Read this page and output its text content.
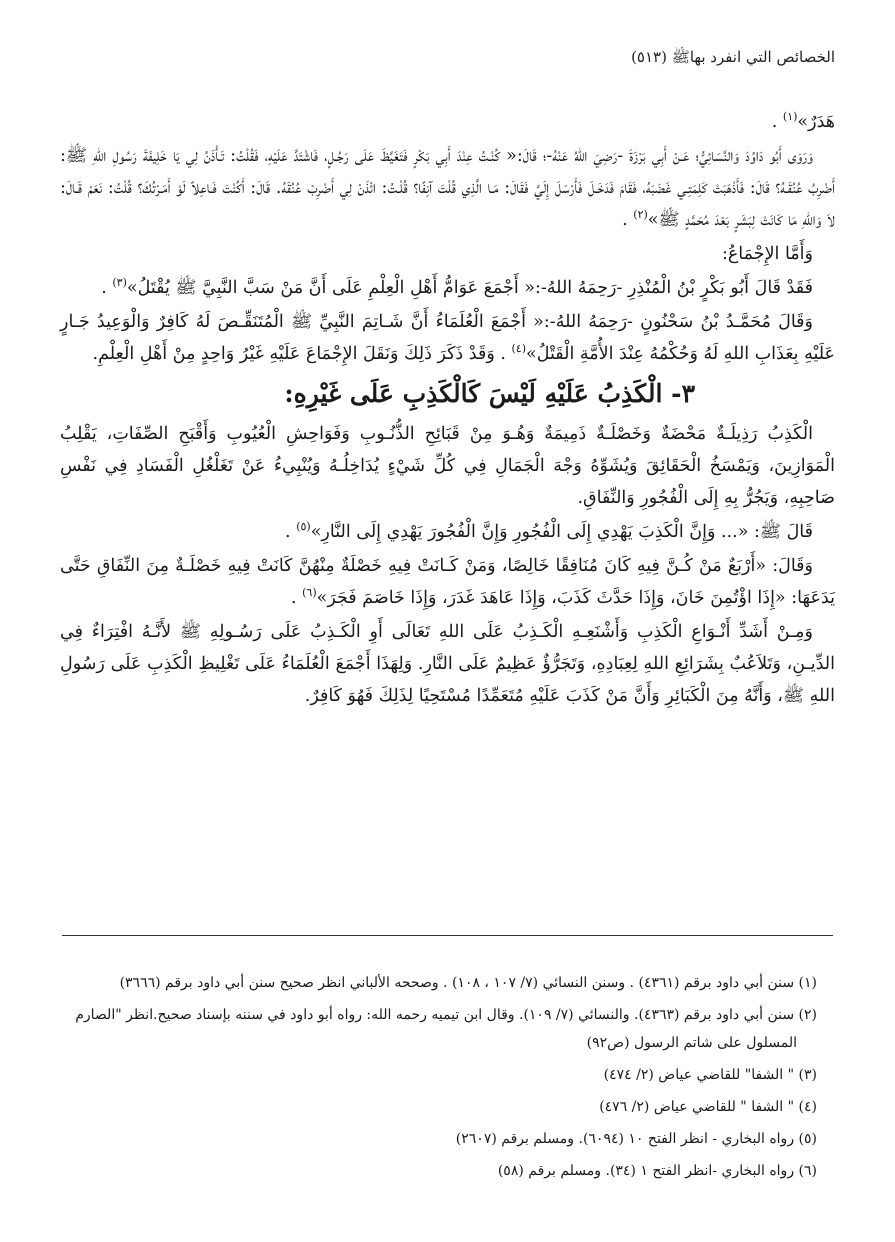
الخصائص التي انفرد بهاﷺ (٥١٣)

هَدَرٌ»$^{(١)}$ .

وَرَوَى أَبُو دَاوُدَ وَالنَّسَائِيُّ؛ عَـنْ أَبِي بَرْزَةَ -رَضِيَ اللهُ عَنْهُ-؛ قَالَ:« كُنْـتُ عِنْدَ أَبِي بَكْرٍ فَتَغَيَّظَ عَلَى رَجُـلٍ، فَاشْتَدَّ عَلَيْهِ، فَقُلْتُ: تَـأْذَنُ لِي يَا خَلِيفَةَ رَسُولِ اللهِ ﷺ: أَضْرِبُ عُنُقَـهُ؟ قَالَ: فَأَذْهَبَتْ كَلِمَتِـي غَضَبَهُ، فَقَامَ فَدَخَـلَ فَأَرْسَلَ إِلَيَّ فَقَالَ: مَـا الَّذِي قُلْتَ آنِفًا؟ قُلْـتُ: ائْذَنْ لِي أَضْرِبْ عُنُقَهُ. قَالَ: أَكُنْتَ فَـاعِلاً لَوْ أَمَـرْتُكَ؟ قُلْتُ: نَعَمْ قَـالَ: لاَ وَاللهِ مَا كَانَتْ لِبَشَرٍ بَعْدَ مُحَمَّدٍ ﷺ»$^{(٢)}$ .

وَأَمَّا الإِجْمَاعُ:

فَقَدْ قَالَ أَبُو بَكْرٍ بْنُ الْمُنْذِرِ -رَحِمَهُ اللهُ-:« أَجْمَعَ عَوَامُّ أَهْلِ الْعِلْمِ عَلَى أَنَّ مَنْ سَبَّ النَّبِيَّ ﷺ يُقْتَلُ»$^{(٣)}$ .

وَقَالَ مُحَمَّـدُ بْنُ سَحْنُونٍ -رَحِمَهُ اللهُ-:« أَجْمَعَ الْعُلَمَاءُ أَنَّ شَـاتِمَ النَّبِيِّ ﷺ الْمُتَنَقِّـصَ لَهُ كَافِرٌ وَالْوَعِيدُ جَـارٍ عَلَيْهِ بِعَذَابِ اللهِ لَهُ وَحُكْمُهُ عِنْدَ الأُمَّةِ الْقَتْلُ»$^{(٤)}$ . وَقَدْ ذَكَرَ ذَلِكَ وَنَقَلَ الإِجْمَاعَ عَلَيْهِ غَيْرُ وَاحِدٍ مِنْ أَهْلِ الْعِلْمِ.

٣- الْكَذِبُ عَلَيْهِ لَيْسَ كَالْكَذِبِ عَلَى غَيْرِهِ:

الْكَذِبُ رَذِيلَـةٌ مَحْضَةٌ وَخَصْلَـةٌ ذَمِيمَةٌ وَهُـوَ مِنْ قَبَائِحِ الذُّنُـوبِ وَفَوَاحِشِ الْعُيُوبِ وَأَقْبَحِ الصِّفَاتِ، يَقْلِبُ الْمَوَازِينَ، وَيَمْسَخُ الْحَقَائِقَ وَيُشَوِّهُ وَجْهَ الْجَمَالِ فِي كُلِّ شَيْءٍ يُدَاخِلُـهُ وَيُنْبِيءُ عَنْ تَغَلْغُلِ الْفَسَادِ فِي نَفْسِ صَاحِبِهِ، وَيَجُرُّ بِهِ إِلَى الْفُجُورِ وَالنِّفَاقِ.

قَالَ ﷺ: «... وَإِنَّ الْكَذِبَ يَهْدِي إِلَى الْفُجُورِ وَإِنَّ الْفُجُورَ يَهْدِي إِلَى النَّارِ»$^{(٥)}$ .

وَقَالَ: «أَرْبَعٌ مَنْ كُـنَّ فِيهِ كَانَ مُنَافِقًا خَالِصًا، وَمَنْ كَـانَتْ فِيهِ خَصْلَةٌ مِنْهُنَّ كَانَتْ فِيهِ خَصْلَـةٌ مِنَ النِّفَاقِ حَتَّى يَدَعَهَا: «إِذَا اؤْتُمِنَ خَانَ، وَإِذَا حَدَّثَ كَذَبَ، وَإِذَا عَاهَدَ غَدَرَ، وَإِذَا خَاصَمَ فَجَرَ»$^{(٦)}$ .

وَمِـنْ أَشَدِّ أَنْـوَاعِ الْكَذِبِ وَأَشْنَعِـهِ الْكَـذِبُ عَلَى اللهِ تَعَالَى أَوِ الْكَـذِبُ عَلَى رَسُـولِهِ ﷺ لأَنَّـهُ افْتِرَاءٌ فِي الدِّيـنِ، وَتَلاَعُبٌ بِشَرَائِعِ اللهِ لِعِبَادِهِ، وَتَجَرُّؤٌ عَظِيمٌ عَلَى النَّارِ. وَلِهَذَا أَجْمَعَ الْعُلَمَاءُ عَلَى تَغْلِيظِ الْكَذِبِ عَلَى رَسُولِ اللهِ ﷺ، وَأَنَّهُ مِنَ الْكَبَائِرِ وَأَنَّ مَنْ كَذَبَ عَلَيْهِ مُتَعَمِّدًا مُسْتَحِيًا لِذَلِكَ فَهُوَ كَافِرٌ.

(١) سنن أبي داود برقم (٤٣٦١) . وسنن النسائي (٧/ ١٠٧ ، ١٠٨) . وصححه الألباني انظر صحيح سنن أبي داود برقم (٣٦٦٦)
(٢) سنن أبي داود برقم (٤٣٦٣). والنسائي (٧/ ١٠٩). وقال ابن تيميه رحمه الله: رواه أبو داود في سننه بإسناد صحيح.انظر "الصارم
المسلول على شاتم الرسول (ص٩٢)
(٣) " الشفا" للقاضي عياض (٢/ ٤٧٤)
(٤) " الشفا " للقاضي عياض (٢/ ٤٧٦)
(٥) رواه البخاري - انظر الفتح ١٠ (٦٠٩٤). ومسلم برقم (٢٦٠٧)
(٦) رواه البخاري -انظر الفتح ١ (٣٤). ومسلم برقم (٥٨)
